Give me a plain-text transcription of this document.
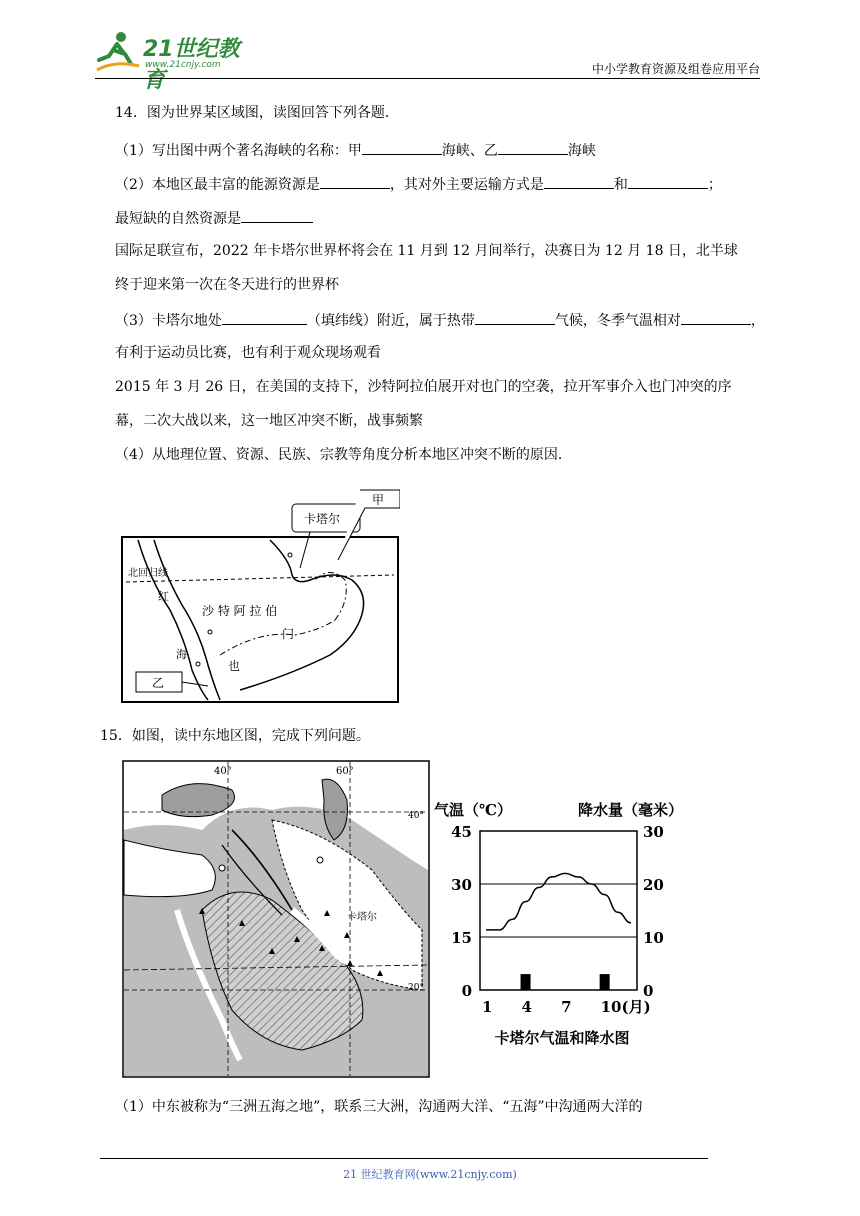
21世纪教育
www.21cnjy.com	中小学教育资源及组卷应用平台
14．图为世界某区域图，读图回答下列各题．
（1）写出图中两个著名海峡的名称：甲	海峡、乙	海峡
（2）本地区最丰富的能源资源是	，其对外主要运输方式是	和	；
最短缺的自然资源是
国际足联宣布，2022 年卡塔尔世界杯将会在 11 月到 12 月间举行，决赛日为 12 月 18 日，北半球
终于迎来第一次在冬天进行的世界杯
（3）卡塔尔地处	（填纬线）附近，属于热带	气候，冬季气温相对	，
有利于运动员比赛，也有利于观众现场观看
2015 年 3 月 26 日，在美国的支持下，沙特阿拉伯展开对也门的空袭，拉开军事介入也门冲突的序
幕，二次大战以来，这一地区冲突不断，战事频繁
（4）从地理位置、资源、民族、宗教等角度分析本地区冲突不断的原因．
卡塔尔
甲
乙
北回归线
红
海
沙 特 阿 拉 伯
也
门
15．如图，读中东地区图，完成下列问题。
40°	60°
40°
20°
卡塔尔
气温（℃）	降水量（毫米）
45
30
15
0
30
20
10
0
1 4 7 10(月)
卡塔尔气温和降水图
（1）中东被称为“三洲五海之地”，联系三大洲，沟通两大洋、“五海”中沟通两大洋的
21 世纪教育网(www.21cnjy.com)
